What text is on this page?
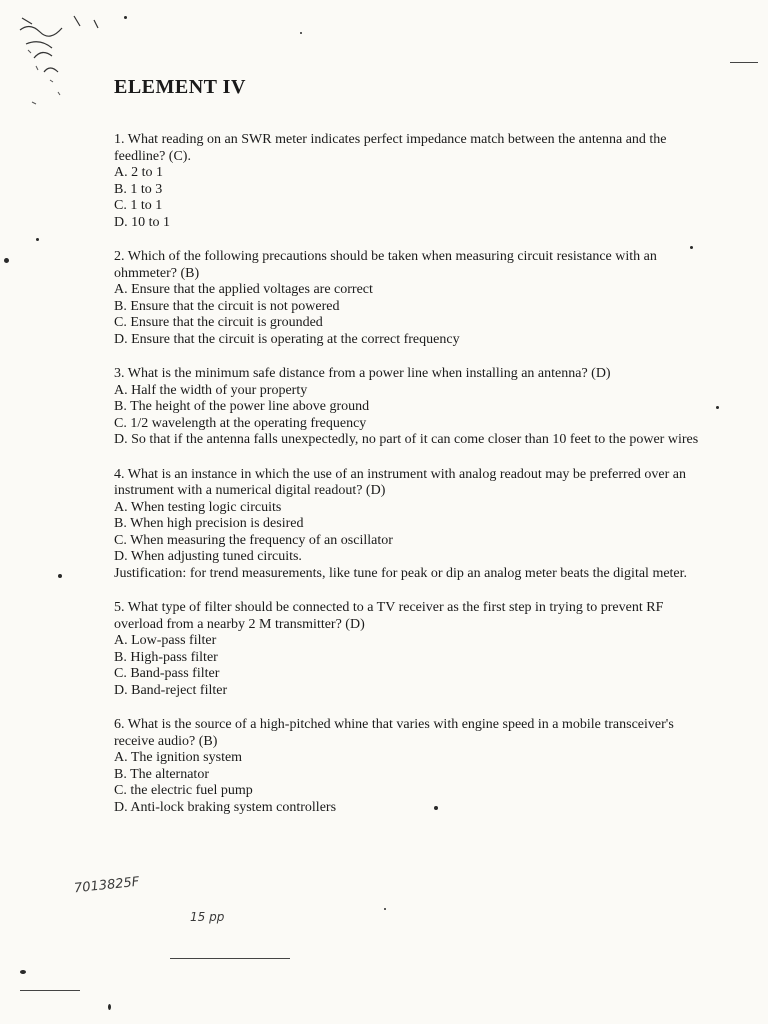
ELEMENT IV
1. What reading on an SWR meter indicates perfect impedance match between the antenna and the feedline? (C).
A. 2 to 1
B. 1 to 3
C. 1 to 1
D. 10 to 1
2. Which of the following precautions should be taken when measuring circuit resistance with an ohmmeter? (B)
A. Ensure that the applied voltages are correct
B. Ensure that the circuit is not powered
C. Ensure that the circuit is grounded
D. Ensure that the circuit is operating at the correct frequency
3. What is the minimum safe distance from a power line when installing an antenna? (D)
A. Half the width of your property
B. The height of the power line above ground
C. 1/2 wavelength at the operating frequency
D. So that if the antenna falls unexpectedly, no part of it can come closer than 10 feet to the power wires
4. What is an instance in which the use of an instrument with analog readout may be preferred over an instrument with a numerical digital readout? (D)
A. When testing logic circuits
B. When high precision is desired
C. When measuring the frequency of an oscillator
D. When adjusting tuned circuits.
Justification: for trend measurements, like tune for peak or dip an analog meter beats the digital meter.
5. What type of filter should be connected to a TV receiver as the first step in trying to prevent RF overload from a nearby 2 M transmitter? (D)
A. Low-pass filter
B. High-pass filter
C. Band-pass filter
D. Band-reject filter
6. What is the source of a high-pitched whine that varies with engine speed in a mobile transceiver's receive audio? (B)
A. The ignition system
B. The alternator
C. the electric fuel pump
D. Anti-lock braking system controllers
7013825F
15 pp
